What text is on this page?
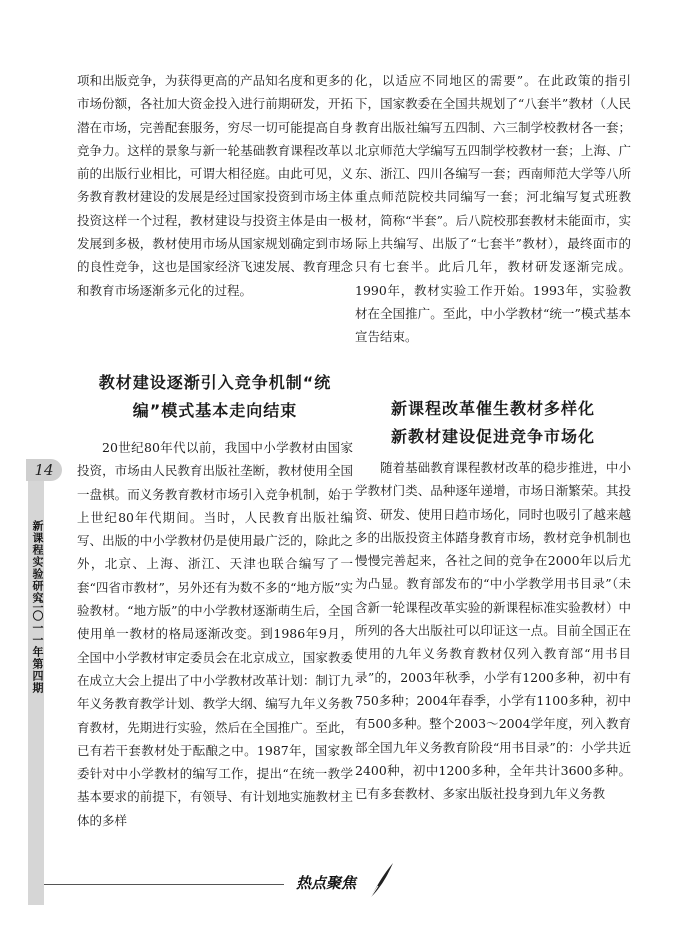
项和出版竞争，为获得更高的产品知名度和更多的市场份额，各社加大资金投入进行前期研发，开拓潜在市场，完善配套服务，穷尽一切可能提高自身竞争力。这样的景象与新一轮基础教育课程改革以前的出版行业相比，可谓大相径庭。由此可见，义务教育教材建设的发展是经过国家投资到市场主体投资这样一个过程，教材建设与投资主体是由一极发展到多极，教材使用市场从国家规划确定到市场的良性竞争，这也是国家经济飞速发展、教育理念和教育市场逐渐多元化的过程。

教材建设逐渐引入竞争机制“统
编”模式基本走向结束

20世纪80年代以前，我国中小学教材由国家投资，市场由人民教育出版社垄断，教材使用全国一盘棋。而义务教育教材市场引入竞争机制，始于上世纪80年代期间。当时，人民教育出版社编写、出版的中小学教材仍是使用最广泛的，除此之外，北京、上海、浙江、天津也联合编写了一套“四省市教材”，另外还有为数不多的“地方版”实验教材。“地方版”的中小学教材逐渐萌生后，全国使用单一教材的格局逐渐改变。到1986年9月，全国中小学教材审定委员会在北京成立，国家教委在成立大会上提出了中小学教材改革计划：制订九年义务教育教学计划、教学大纲、编写九年义务教育教材，先期进行实验，然后在全国推广。至此，已有若干套教材处于酝酿之中。1987年，国家教委针对中小学教材的编写工作，提出“在统一教学基本要求的前提下，有领导、有计划地实施教材主体的多样

化，以适应不同地区的需要”。在此政策的指引下，国家教委在全国共规划了“八套半”教材（人民教育出版社编写五四制、六三制学校教材各一套；北京师范大学编写五四制学校教材一套；上海、广东、浙江、四川各编写一套；西南师范大学等八所重点师范院校共同编写一套；河北编写复式班教材，简称“半套”。后八院校那套教材未能面市，实际上共编写、出版了“七套半”教材），最终面市的只有七套半。此后几年，教材研发逐渐完成。1990年，教材实验工作开始。1993年，实验教材在全国推广。至此，中小学教材“统一”模式基本宣告结束。

新课程改革催生教材多样化
新教材建设促进竞争市场化

随着基础教育课程教材改革的稳步推进，中小学教材门类、品种逐年递增，市场日渐繁荣。其投资、研发、使用日趋市场化，同时也吸引了越来越多的出版投资主体踏身教育市场，教材竞争机制也慢慢完善起来，各社之间的竞争在2000年以后尤为凸显。教育部发布的“中小学教学用书目录”（未含新一轮课程改革实验的新课程标准实验教材）中所列的各大出版社可以印证这一点。目前全国正在使用的九年义务教育教材仅列入教育部“用书目录”的，2003年秋季，小学有1200多种，初中有750多种；2004年春季，小学有1100多种，初中有500多种。整个2003～2004学年度，列入教育部全国九年义务教育阶段“用书目录”的：小学共近2400种，初中1200多种，全年共计3600多种。已有多套教材、多家出版社投身到九年义务教

14
新课程实验研究
二〇一一年第四期
热点聚焦
